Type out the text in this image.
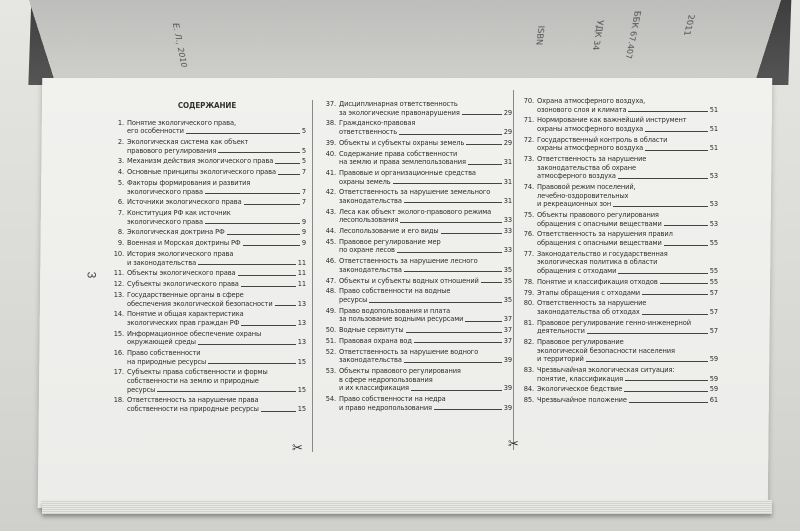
УДК 34 ББК 67.407
ISBN	2011
Е. Л., 2010
3
СОДЕРЖАНИЕ
1. Понятие экологического права,
его особенности	5
2. Экологическая система как объект
правового регулирования	5
3. Механизм действия экологического права	5
4. Основные принципы экологического права	7
5. Факторы формирования и развития
экологического права	7
6. Источники экологического права	7
7. Конституция РФ как источник
экологического права	9
8. Экологическая доктрина РФ	9
9. Военная и Морская доктрины РФ	9
10. История экологического права
и законодательства	11
11. Объекты экологического права	11
12. Субъекты экологического права	11
13. Государственные органы в сфере
обеспечения экологической безопасности	13
14. Понятие и общая характеристика
экологических прав граждан РФ	13
15. Информационное обеспечение охраны
окружающей среды	13
16. Право собственности
на природные ресурсы	15
17. Субъекты права собственности и формы
собственности на землю и природные
ресурсы	15
18. Ответственность за нарушение права
собственности на природные ресурсы	15
37. Дисциплинарная ответственность
за экологические правонарушения	29
38. Гражданско-правовая
ответственность	29
39. Объекты и субъекты охраны земель	29
40. Содержание права собственности
на землю и права землепользования	31
41. Правовые и организационные средства
охраны земель	31
42. Ответственность за нарушение земельного
законодательства	31
43. Леса как объект эколого-правового режима
лесопользования	33
44. Лесопользование и его виды	33
45. Правовое регулирование мер
по охране лесов	33
46. Ответственность за нарушение лесного
законодательства	35
47. Объекты и субъекты водных отношений	35
48. Право собственности на водные
ресурсы	35
49. Право водопользования и плата
за пользование водными ресурсами	37
50. Водные сервитуты	37
51. Правовая охрана вод	37
52. Ответственность за нарушение водного
законодательства	39
53. Объекты правового регулирования
в сфере недропользования
и их классификация	39
54. Право собственности на недра
и право недропользования	39
70. Охрана атмосферного воздуха,
озонового слоя и климата	51
71. Нормирование как важнейший инструмент
охраны атмосферного воздуха	51
72. Государственный контроль в области
охраны атмосферного воздуха	51
73. Ответственность за нарушение
законодательства об охране
атмосферного воздуха	53
74. Правовой режим поселений,
лечебно-оздоровительных
и рекреационных зон	53
75. Объекты правового регулирования
обращения с опасными веществами	53
76. Ответственность за нарушения правил
обращения с опасными веществами	55
77. Законодательство и государственная
экологическая политика в области
обращения с отходами	55
78. Понятие и классификация отходов	55
79. Этапы обращения с отходами	57
80. Ответственность за нарушение
законодательства об отходах	57
81. Правовое регулирование генно-инженерной
деятельности	57
82. Правовое регулирование
экологической безопасности населения
и территорий	59
83. Чрезвычайная экологическая ситуация:
понятие, классификация	59
84. Экологическое бедствие	59
85. Чрезвычайное положение	61
✂	✂
